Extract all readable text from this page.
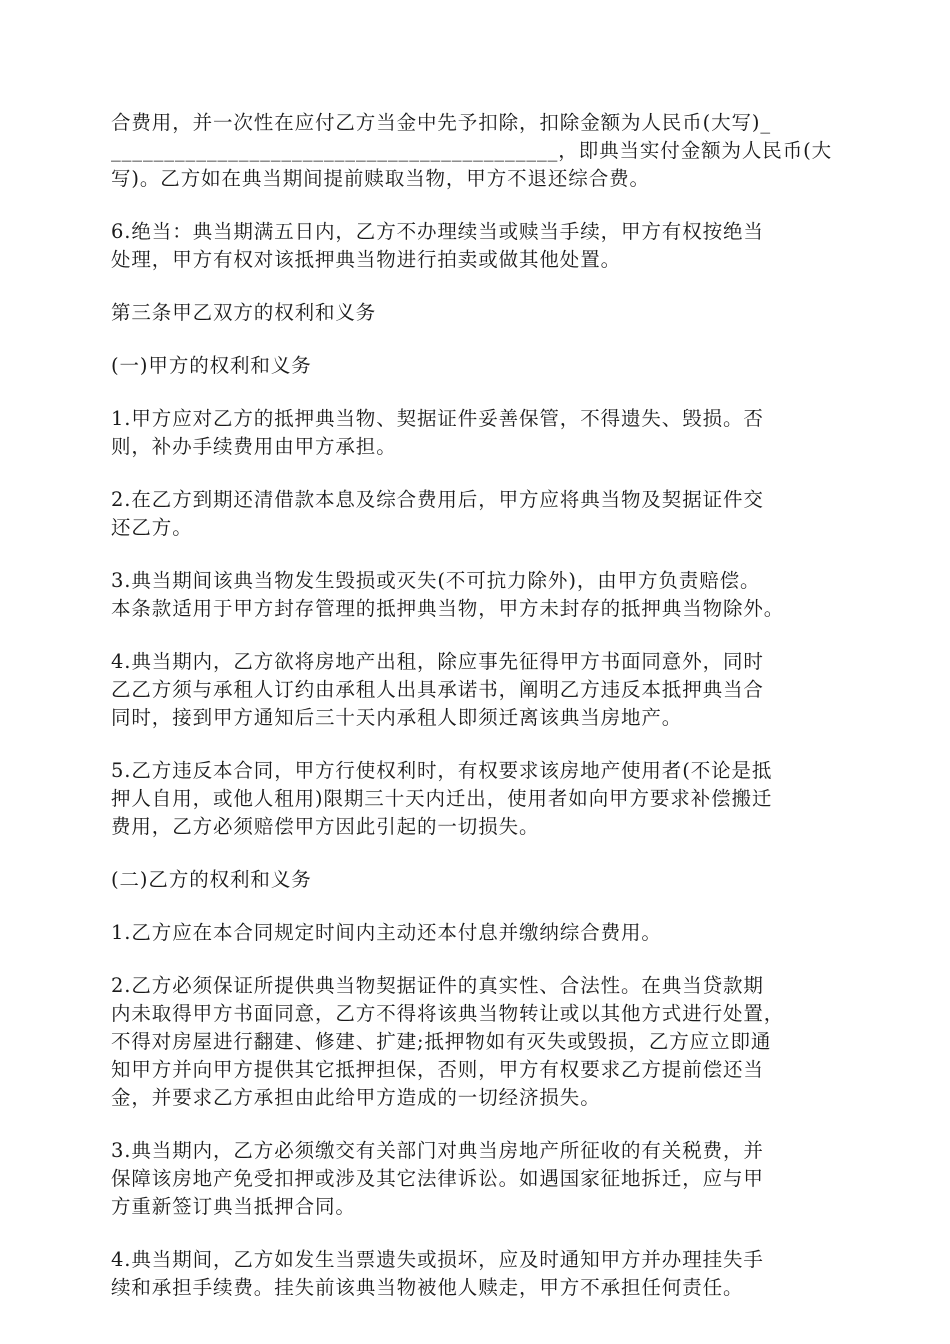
合费用，并一次性在应付乙方当金中先予扣除，扣除金额为人民币(大写)_
__________________________________________，即典当实付金额为人民币(大
写)。乙方如在典当期间提前赎取当物，甲方不退还综合费。

6.绝当：典当期满五日内，乙方不办理续当或赎当手续，甲方有权按绝当
处理，甲方有权对该抵押典当物进行拍卖或做其他处置。

第三条甲乙双方的权利和义务

(一)甲方的权利和义务

1.甲方应对乙方的抵押典当物、契据证件妥善保管，不得遗失、毁损。否
则，补办手续费用由甲方承担。

2.在乙方到期还清借款本息及综合费用后，甲方应将典当物及契据证件交
还乙方。

3.典当期间该典当物发生毁损或灭失(不可抗力除外)，由甲方负责赔偿。
本条款适用于甲方封存管理的抵押典当物，甲方未封存的抵押典当物除外。

4.典当期内，乙方欲将房地产出租，除应事先征得甲方书面同意外，同时
乙乙方须与承租人订约由承租人出具承诺书，阐明乙方违反本抵押典当合
同时，接到甲方通知后三十天内承租人即须迁离该典当房地产。

5.乙方违反本合同，甲方行使权利时，有权要求该房地产使用者(不论是抵
押人自用，或他人租用)限期三十天内迁出，使用者如向甲方要求补偿搬迁
费用，乙方必须赔偿甲方因此引起的一切损失。

(二)乙方的权利和义务

1.乙方应在本合同规定时间内主动还本付息并缴纳综合费用。

2.乙方必须保证所提供典当物契据证件的真实性、合法性。在典当贷款期
内未取得甲方书面同意，乙方不得将该典当物转让或以其他方式进行处置，
不得对房屋进行翻建、修建、扩建;抵押物如有灭失或毁损，乙方应立即通
知甲方并向甲方提供其它抵押担保，否则，甲方有权要求乙方提前偿还当
金，并要求乙方承担由此给甲方造成的一切经济损失。

3.典当期内，乙方必须缴交有关部门对典当房地产所征收的有关税费，并
保障该房地产免受扣押或涉及其它法律诉讼。如遇国家征地拆迁，应与甲
方重新签订典当抵押合同。

4.典当期间，乙方如发生当票遗失或损坏，应及时通知甲方并办理挂失手
续和承担手续费。挂失前该典当物被他人赎走，甲方不承担任何责任。
